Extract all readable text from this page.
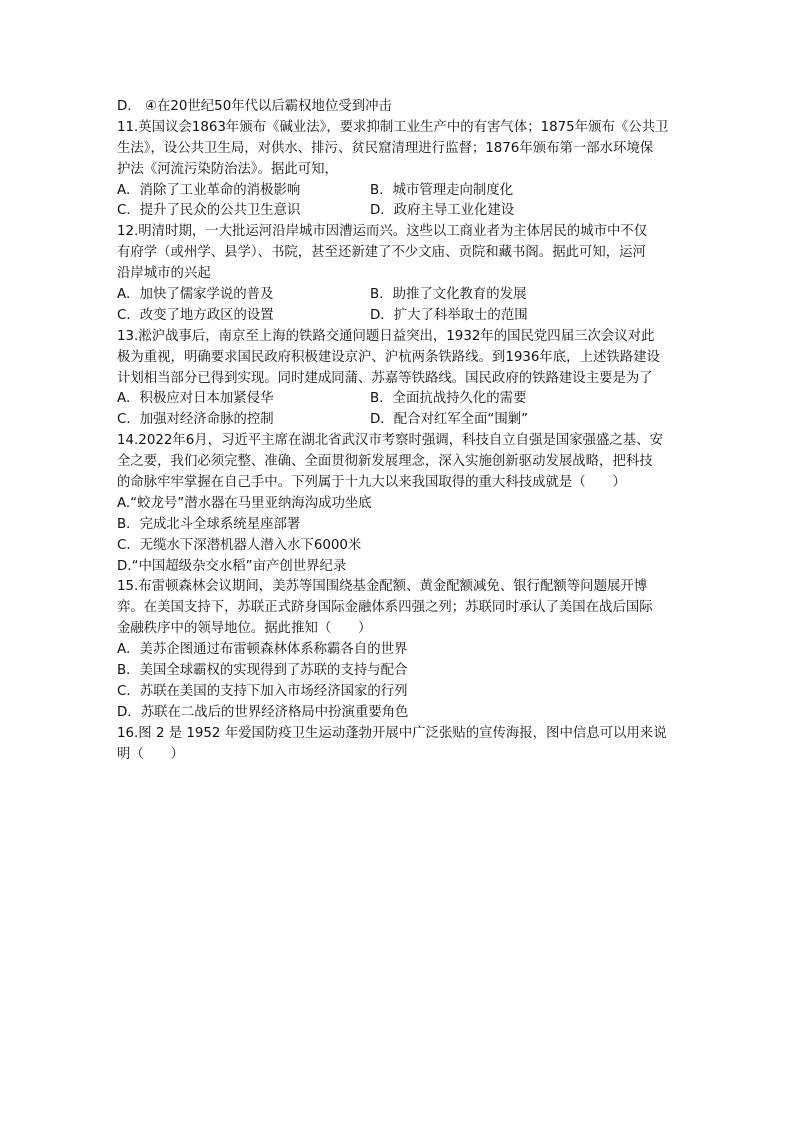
D． ④在20世纪50年代以后霸权地位受到冲击
11.英国议会1863年颁布《碱业法》，要求抑制工业生产中的有害气体；1875年颁布《公共卫
生法》，设公共卫生局，对供水、排污、贫民窟清理进行监督；1876年颁布第一部水环境保
护法《河流污染防治法》。据此可知，
A．消除了工业革命的消极影响	B．城市管理走向制度化
C．提升了民众的公共卫生意识	D．政府主导工业化建设
12.明清时期，一大批运河沿岸城市因漕运而兴。这些以工商业者为主体居民的城市中不仅
有府学（或州学、县学）、书院，甚至还新建了不少文庙、贡院和藏书阁。据此可知，运河
沿岸城市的兴起
A．加快了儒家学说的普及	B．助推了文化教育的发展
C．改变了地方政区的设置	D．扩大了科举取士的范围
13.淞沪战事后，南京至上海的铁路交通问题日益突出，1932年的国民党四届三次会议对此
极为重视，明确要求国民政府积极建设京沪、沪杭两条铁路线。到1936年底，上述铁路建设
计划相当部分已得到实现。同时建成同蒲、苏嘉等铁路线。国民政府的铁路建设主要是为了
A．积极应对日本加紧侵华	B．全面抗战持久化的需要
C．加强对经济命脉的控制	D．配合对红军全面“围剿”
14.2022年6月，习近平主席在湖北省武汉市考察时强调，科技自立自强是国家强盛之基、安
全之要，我们必须完整、准确、全面贯彻新发展理念，深入实施创新驱动发展战略，把科技
的命脉牢牢掌握在自己手中。下列属于十九大以来我国取得的重大科技成就是（　　）
A.“蛟龙号”潜水器在马里亚纳海沟成功坐底
B．完成北斗全球系统星座部署
C．无缆水下深潜机器人潜入水下6000米
D.“中国超级杂交水稻”亩产创世界纪录
15.布雷顿森林会议期间，美苏等国围绕基金配额、黄金配额减免、银行配额等问题展开博
弈。在美国支持下，苏联正式跻身国际金融体系四强之列；苏联同时承认了美国在战后国际
金融秩序中的领导地位。据此推知（　　）
A．美苏企图通过布雷顿森林体系称霸各自的世界
B．美国全球霸权的实现得到了苏联的支持与配合
C．苏联在美国的支持下加入市场经济国家的行列
D．苏联在二战后的世界经济格局中扮演重要角色
16.图 2 是 1952 年爱国防疫卫生运动蓬勃开展中广泛张贴的宣传海报，图中信息可以用来说
明（　　）
